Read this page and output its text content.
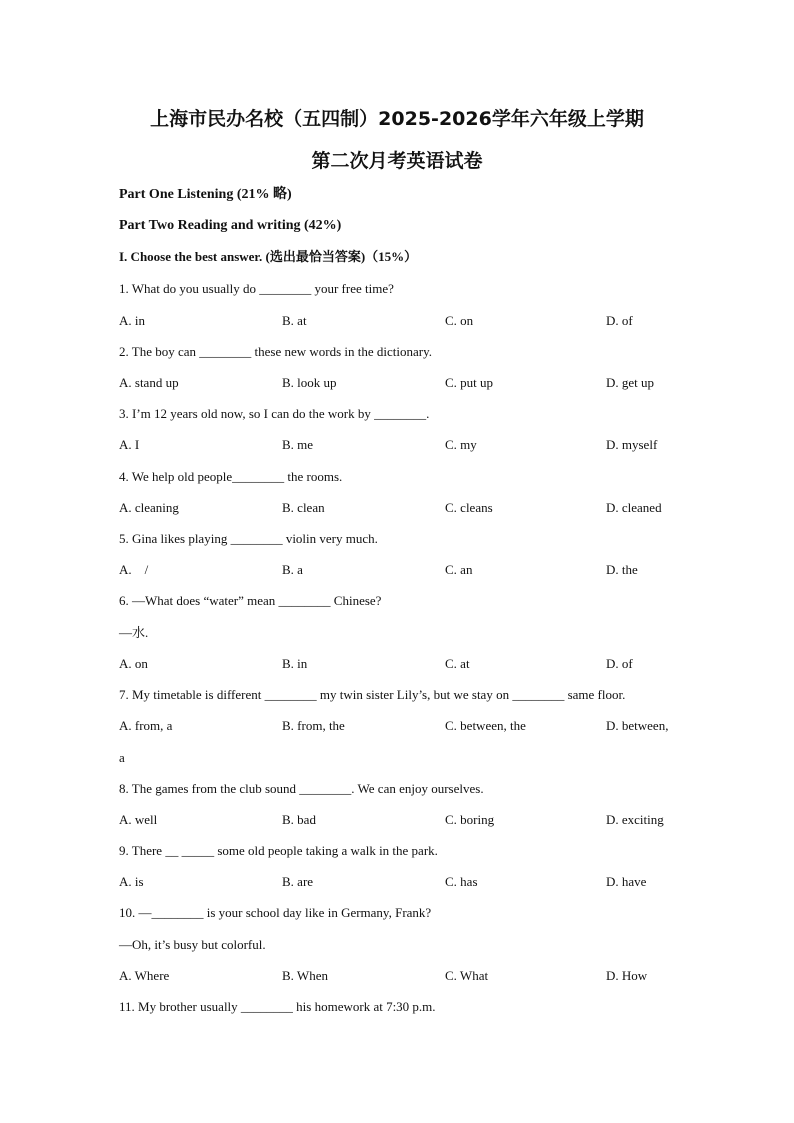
上海市民办名校（五四制）2025-2026学年六年级上学期
第二次月考英语试卷
Part One Listening (21% 略)
Part Two Reading and writing (42%)
I. Choose the best answer. (选出最恰当答案)（15%）
1. What do you usually do ________ your free time?
A. in	B. at	C. on	D. of
2. The boy can ________ these new words in the dictionary.
A. stand up	B. look up	C. put up	D. get up
3. I’m 12 years old now, so I can do the work by ________.
A. I	B. me	C. my	D. myself
4. We help old people________ the rooms.
A. cleaning	B. clean	C. cleans	D. cleaned
5. Gina likes playing ________ violin very much.
A.    /	B. a	C. an	D. the
6. —What does “water” mean ________ Chinese?
—水.
A. on	B. in	C. at	D. of
7. My timetable is different ________ my twin sister Lily’s, but we stay on ________ same floor.
A. from, a	B. from, the	C. between, the	D. between,
a
8. The games from the club sound ________. We can enjoy ourselves.
A. well	B. bad	C. boring	D. exciting
9. There __ _____ some old people taking a walk in the park.
A. is	B. are	C. has	D. have
10. —________ is your school day like in Germany, Frank?
—Oh, it’s busy but colorful.
A. Where	B. When	C. What	D. How
11. My brother usually ________ his homework at 7:30 p.m.
